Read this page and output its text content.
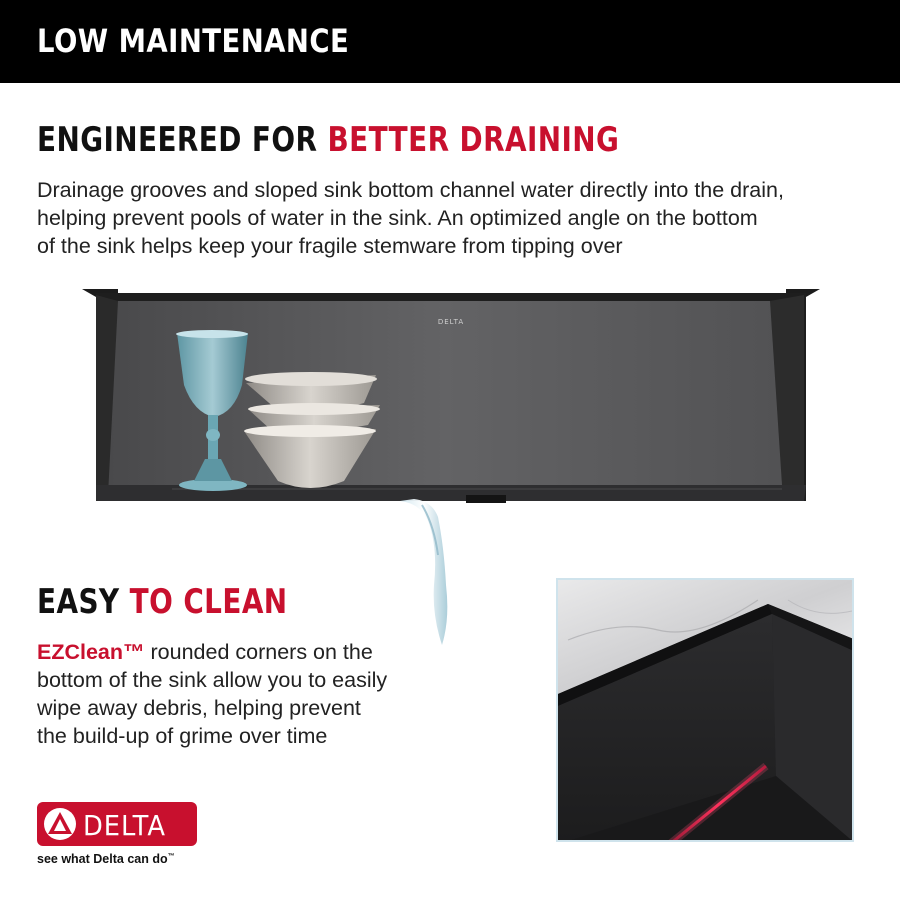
LOW MAINTENANCE
ENGINEERED FOR BETTER DRAINING
Drainage grooves and sloped sink bottom channel water directly into the drain,
helping prevent pools of water in the sink. An optimized angle on the bottom
of the sink helps keep your fragile stemware from tipping over
DELTA
EASY TO CLEAN
EZClean™ rounded corners on the
bottom of the sink allow you to easily
wipe away debris, helping prevent
the build-up of grime over time
DELTA
see what Delta can do™
